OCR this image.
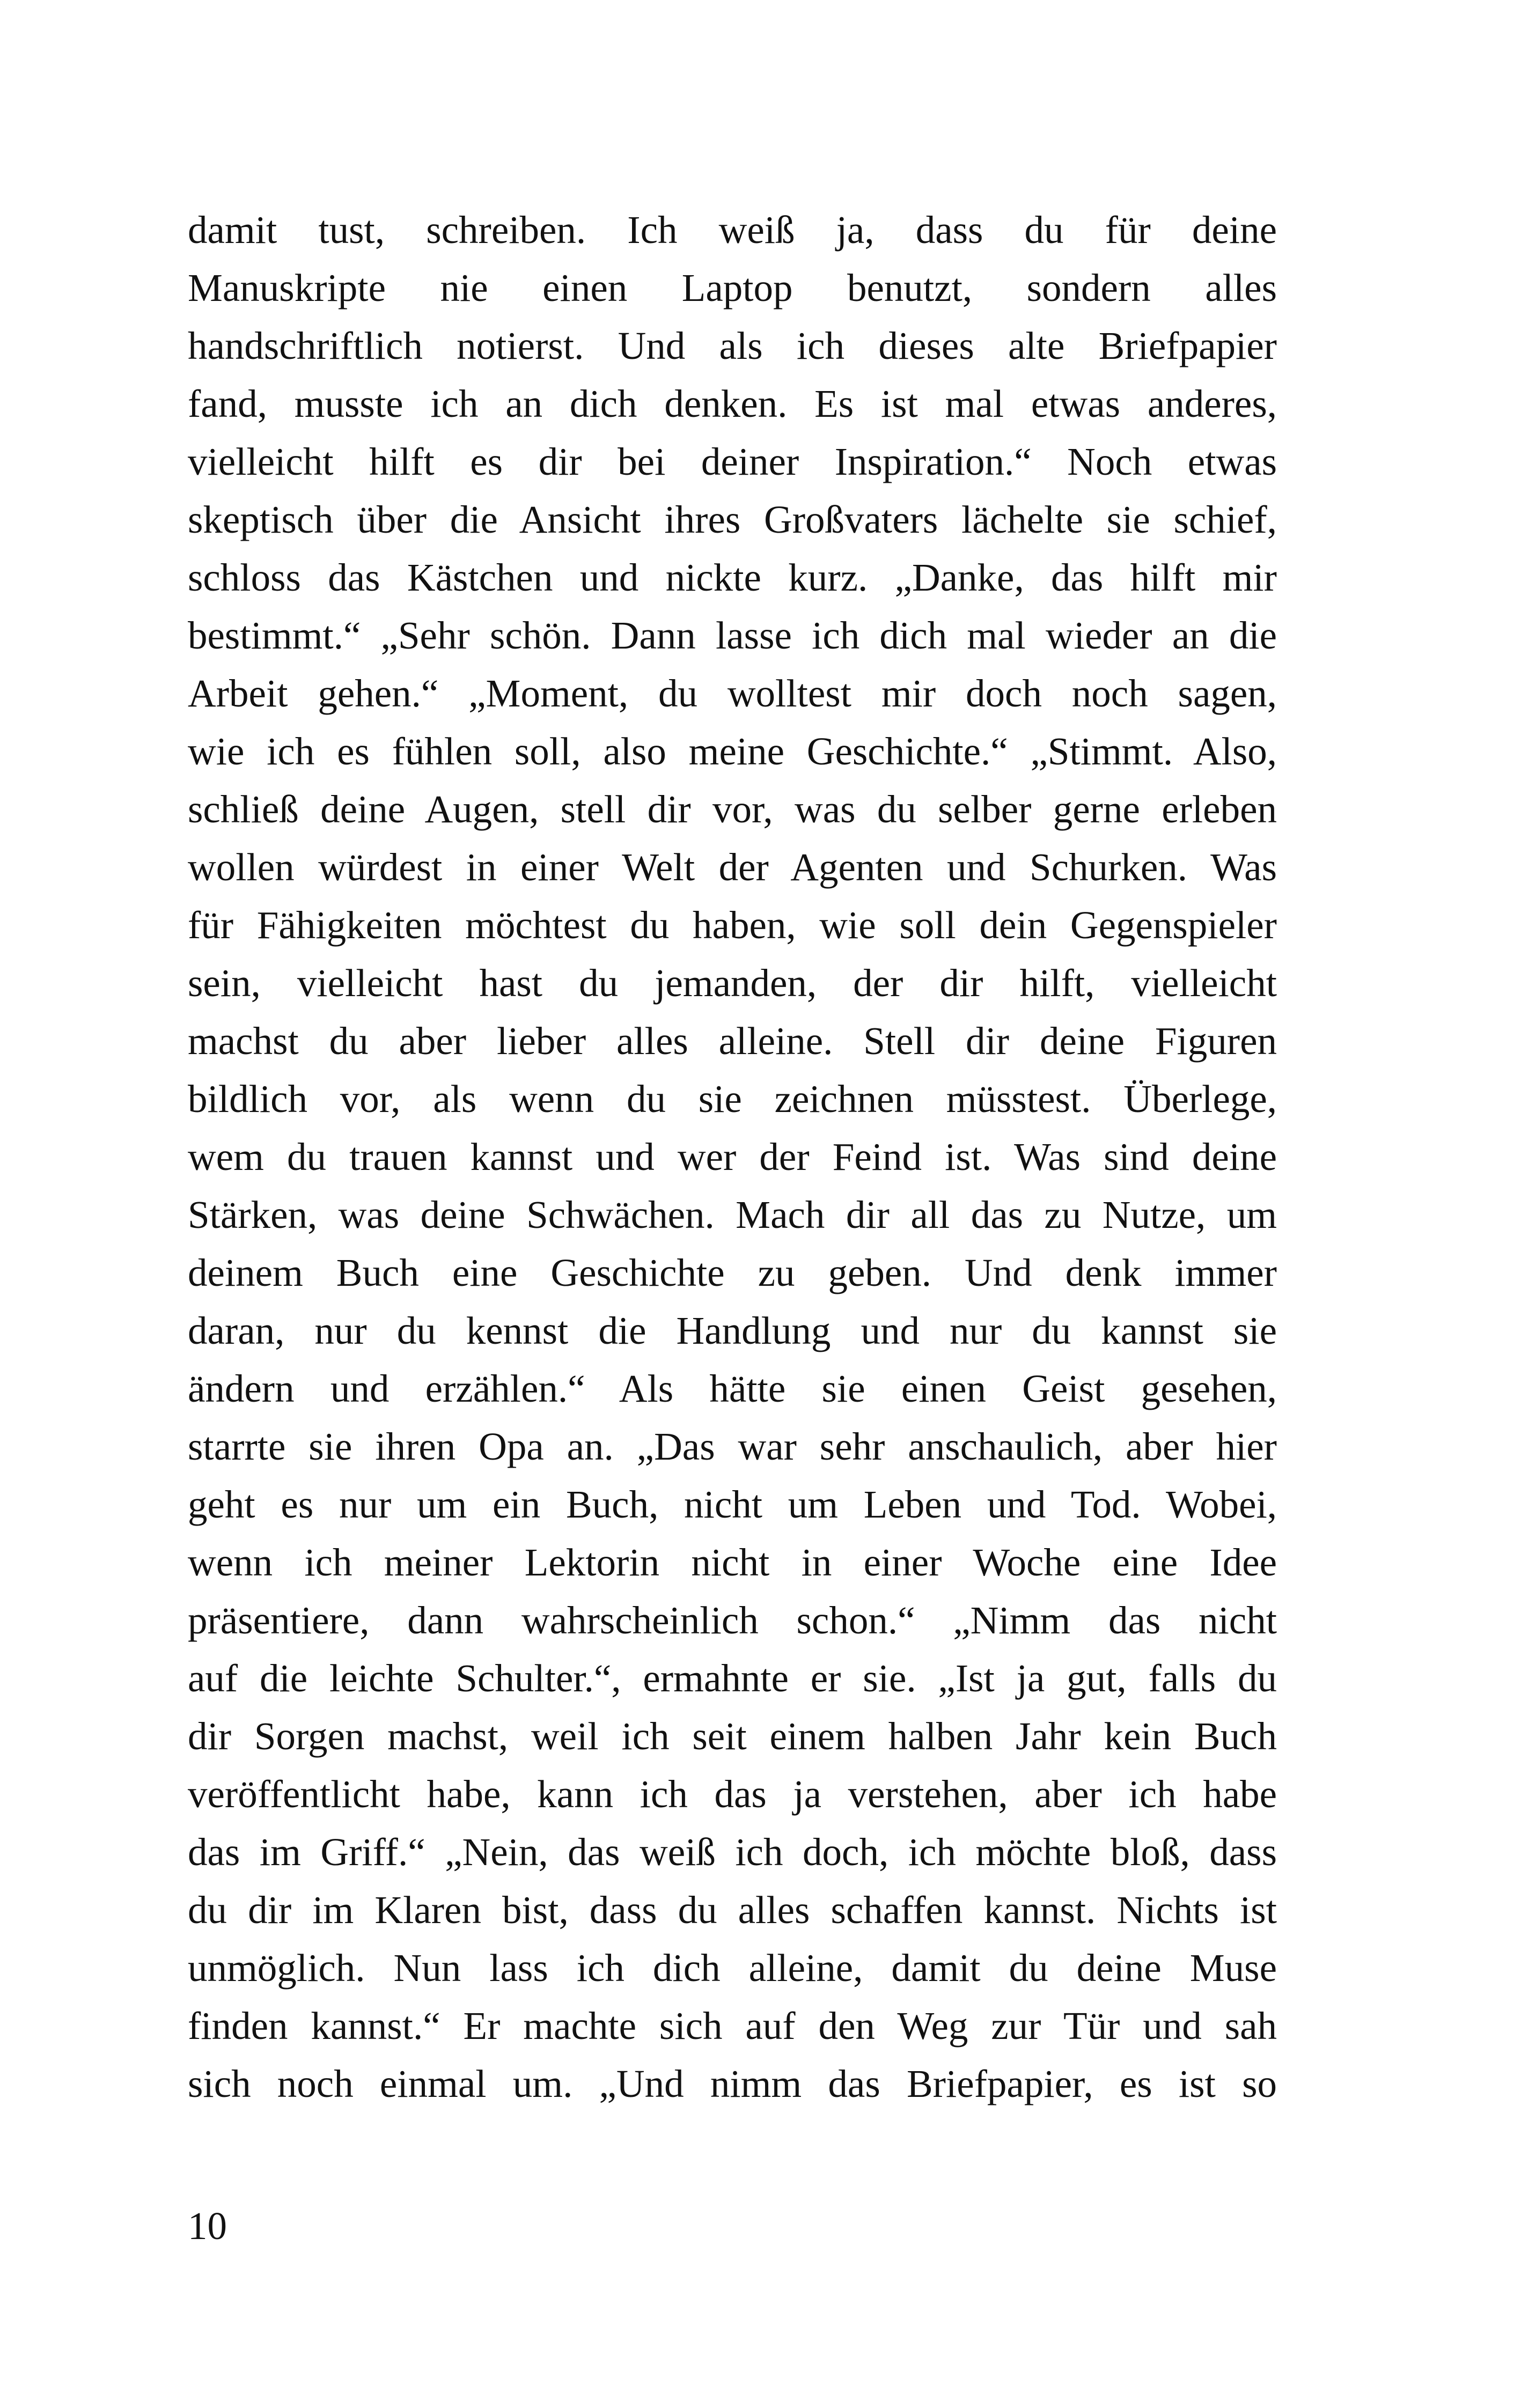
damit tust, schreiben. Ich weiß ja, dass du für deine
Manuskripte nie einen Laptop benutzt, sondern alles
handschriftlich notierst. Und als ich dieses alte Briefpapier
fand, musste ich an dich denken. Es ist mal etwas anderes,
vielleicht hilft es dir bei deiner Inspiration.“ Noch etwas
skeptisch über die Ansicht ihres Großvaters lächelte sie schief,
schloss das Kästchen und nickte kurz. „Danke, das hilft mir
bestimmt.“ „Sehr schön. Dann lasse ich dich mal wieder an die
Arbeit gehen.“ „Moment, du wolltest mir doch noch sagen,
wie ich es fühlen soll, also meine Geschichte.“ „Stimmt. Also,
schließ deine Augen, stell dir vor, was du selber gerne erleben
wollen würdest in einer Welt der Agenten und Schurken. Was
für Fähigkeiten möchtest du haben, wie soll dein Gegenspieler
sein, vielleicht hast du jemanden, der dir hilft, vielleicht
machst du aber lieber alles alleine. Stell dir deine Figuren
bildlich vor, als wenn du sie zeichnen müsstest. Überlege,
wem du trauen kannst und wer der Feind ist. Was sind deine
Stärken, was deine Schwächen. Mach dir all das zu Nutze, um
deinem Buch eine Geschichte zu geben. Und denk immer
daran, nur du kennst die Handlung und nur du kannst sie
ändern und erzählen.“ Als hätte sie einen Geist gesehen,
starrte sie ihren Opa an. „Das war sehr anschaulich, aber hier
geht es nur um ein Buch, nicht um Leben und Tod. Wobei,
wenn ich meiner Lektorin nicht in einer Woche eine Idee
präsentiere, dann wahrscheinlich schon.“ „Nimm das nicht
auf die leichte Schulter.“, ermahnte er sie. „Ist ja gut, falls du
dir Sorgen machst, weil ich seit einem halben Jahr kein Buch
veröffentlicht habe, kann ich das ja verstehen, aber ich habe
das im Griff.“ „Nein, das weiß ich doch, ich möchte bloß, dass
du dir im Klaren bist, dass du alles schaffen kannst. Nichts ist
unmöglich. Nun lass ich dich alleine, damit du deine Muse
finden kannst.“ Er machte sich auf den Weg zur Tür und sah
sich noch einmal um. „Und nimm das Briefpapier, es ist so
10
